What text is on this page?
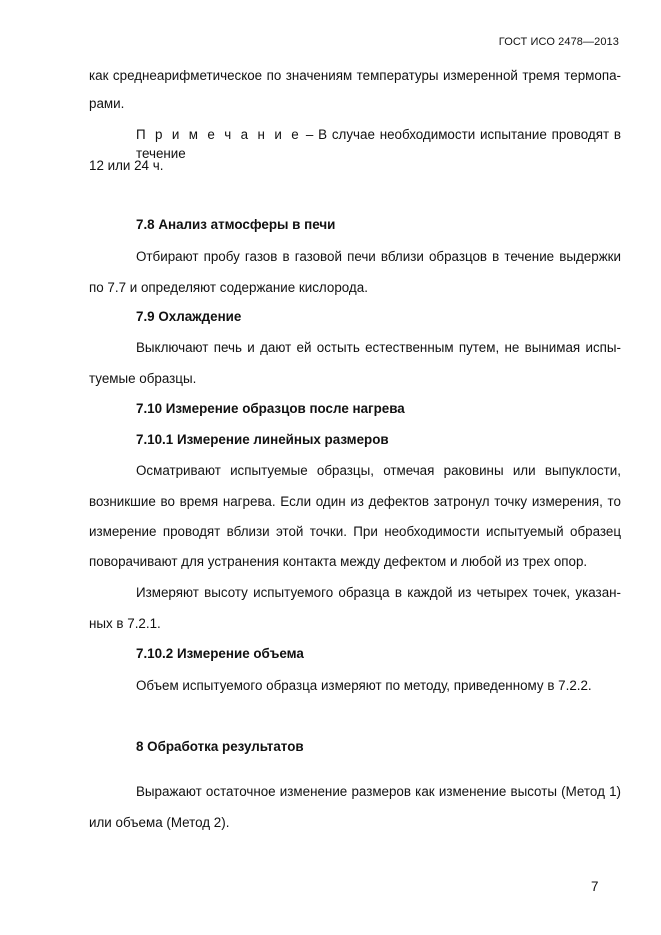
ГОСТ ИСО 2478—2013
как среднеарифметическое по значениям температуры измеренной тремя термопа-
рами.
П р и м е ч а н и е – В случае необходимости испытание проводят в течение
12 или 24 ч.
7.8 Анализ атмосферы в печи
Отбирают пробу газов в газовой печи вблизи образцов в течение выдержки
по 7.7 и определяют содержание кислорода.
7.9 Охлаждение
Выключают печь и дают ей остыть естественным путем, не вынимая испы-
туемые образцы.
7.10 Измерение образцов после нагрева
7.10.1 Измерение линейных размеров
Осматривают испытуемые образцы, отмечая раковины или выпуклости,
возникшие во время нагрева. Если один из дефектов затронул точку измерения, то
измерение проводят вблизи этой точки. При необходимости испытуемый образец
поворачивают для устранения контакта между дефектом и любой из трех опор.
Измеряют высоту испытуемого образца в каждой из четырех точек, указан-
ных в 7.2.1.
7.10.2 Измерение объема
Объем испытуемого образца измеряют по методу, приведенному в 7.2.2.
8 Обработка результатов
Выражают остаточное изменение размеров как изменение высоты (Метод 1)
или объема (Метод 2).
7
